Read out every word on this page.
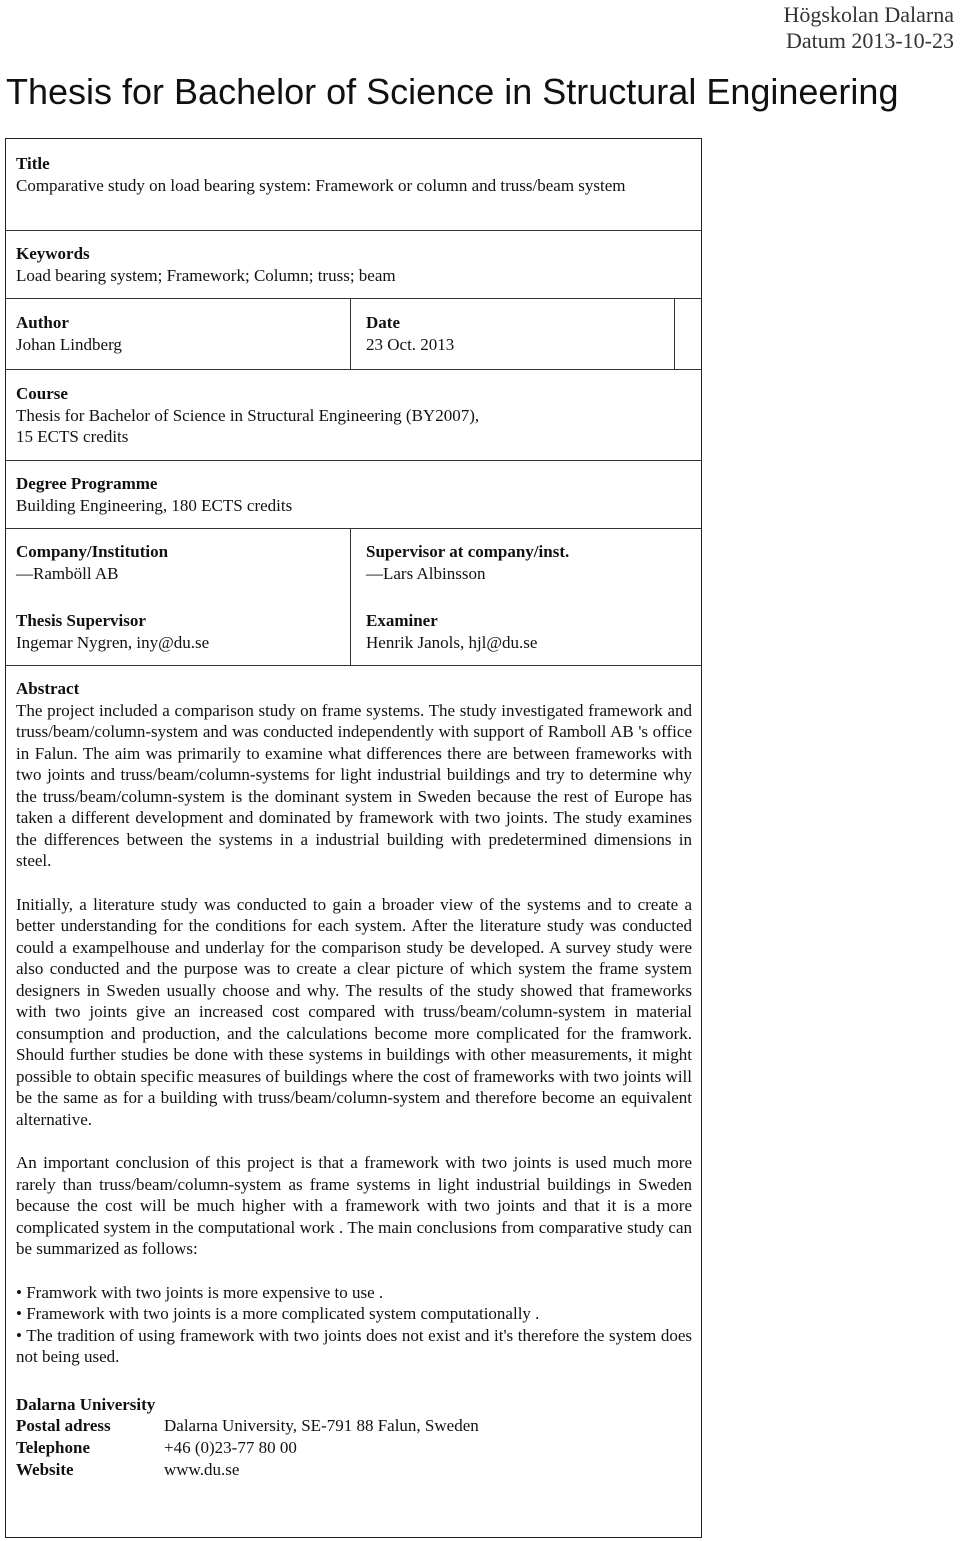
Högskolan Dalarna
Datum 2013-10-23
Thesis for Bachelor of Science in Structural Engineering
Title
Comparative study on load bearing system: Framework or column and truss/beam system
Keywords
Load bearing system; Framework; Column; truss; beam
Author
Johan Lindberg
Date
23 Oct. 2013
Course
Thesis for Bachelor of Science in Structural Engineering (BY2007),
15 ECTS credits
Degree Programme
Building Engineering, 180 ECTS credits
Company/Institution
—Ramböll AB
Supervisor at company/inst.
—Lars Albinsson
Thesis Supervisor
Ingemar Nygren, iny@du.se
Examiner
Henrik Janols, hjl@du.se
Abstract

The project included a comparison study on frame systems. The study investigated framework and truss/beam/column-system and was conducted independently with support of Ramboll AB 's office in Falun. The aim was primarily to examine what differences there are between frameworks with two joints and truss/beam/column-systems for light industrial buildings and try to determine why the truss/beam/column-system is the dominant system in Sweden because the rest of Europe has taken a different development and dominated by framework with two joints. The study examines the differences between the systems in a industrial building with predetermined dimensions in steel.

Initially, a literature study was conducted to gain a broader view of the systems and to create a better understanding for the conditions for each system. After the literature study was conducted could a exampelhouse and underlay for the comparison study be developed. A survey study were also conducted and the purpose was to create a clear picture of which system the frame system designers in Sweden usually choose and why. The results of the study showed that frameworks with two joints give an increased cost compared with truss/beam/column-system in material consumption and production, and the calculations become more complicated for the framwork. Should further studies be done with these systems in buildings with other measurements, it might possible to obtain specific measures of buildings where the cost of frameworks with two joints will be the same as for a building with truss/beam/column-system and therefore become an equivalent alternative.

An important conclusion of this project is that a framework with two joints is used much more rarely than truss/beam/column-system as frame systems in light industrial buildings in Sweden because the cost will be much higher with a framework with two joints and that it is a more complicated system in the computational work . The main conclusions from comparative study can be summarized as follows:

• Framwork with two joints is more expensive to use .
• Framework with two joints is a more complicated system computationally .
• The tradition of using framework with two joints does not exist and it's therefore the system does not being used.
Dalarna University
Postal adress	Dalarna University, SE-791 88 Falun, Sweden
Telephone	+46 (0)23-77 80 00
Website	www.du.se
